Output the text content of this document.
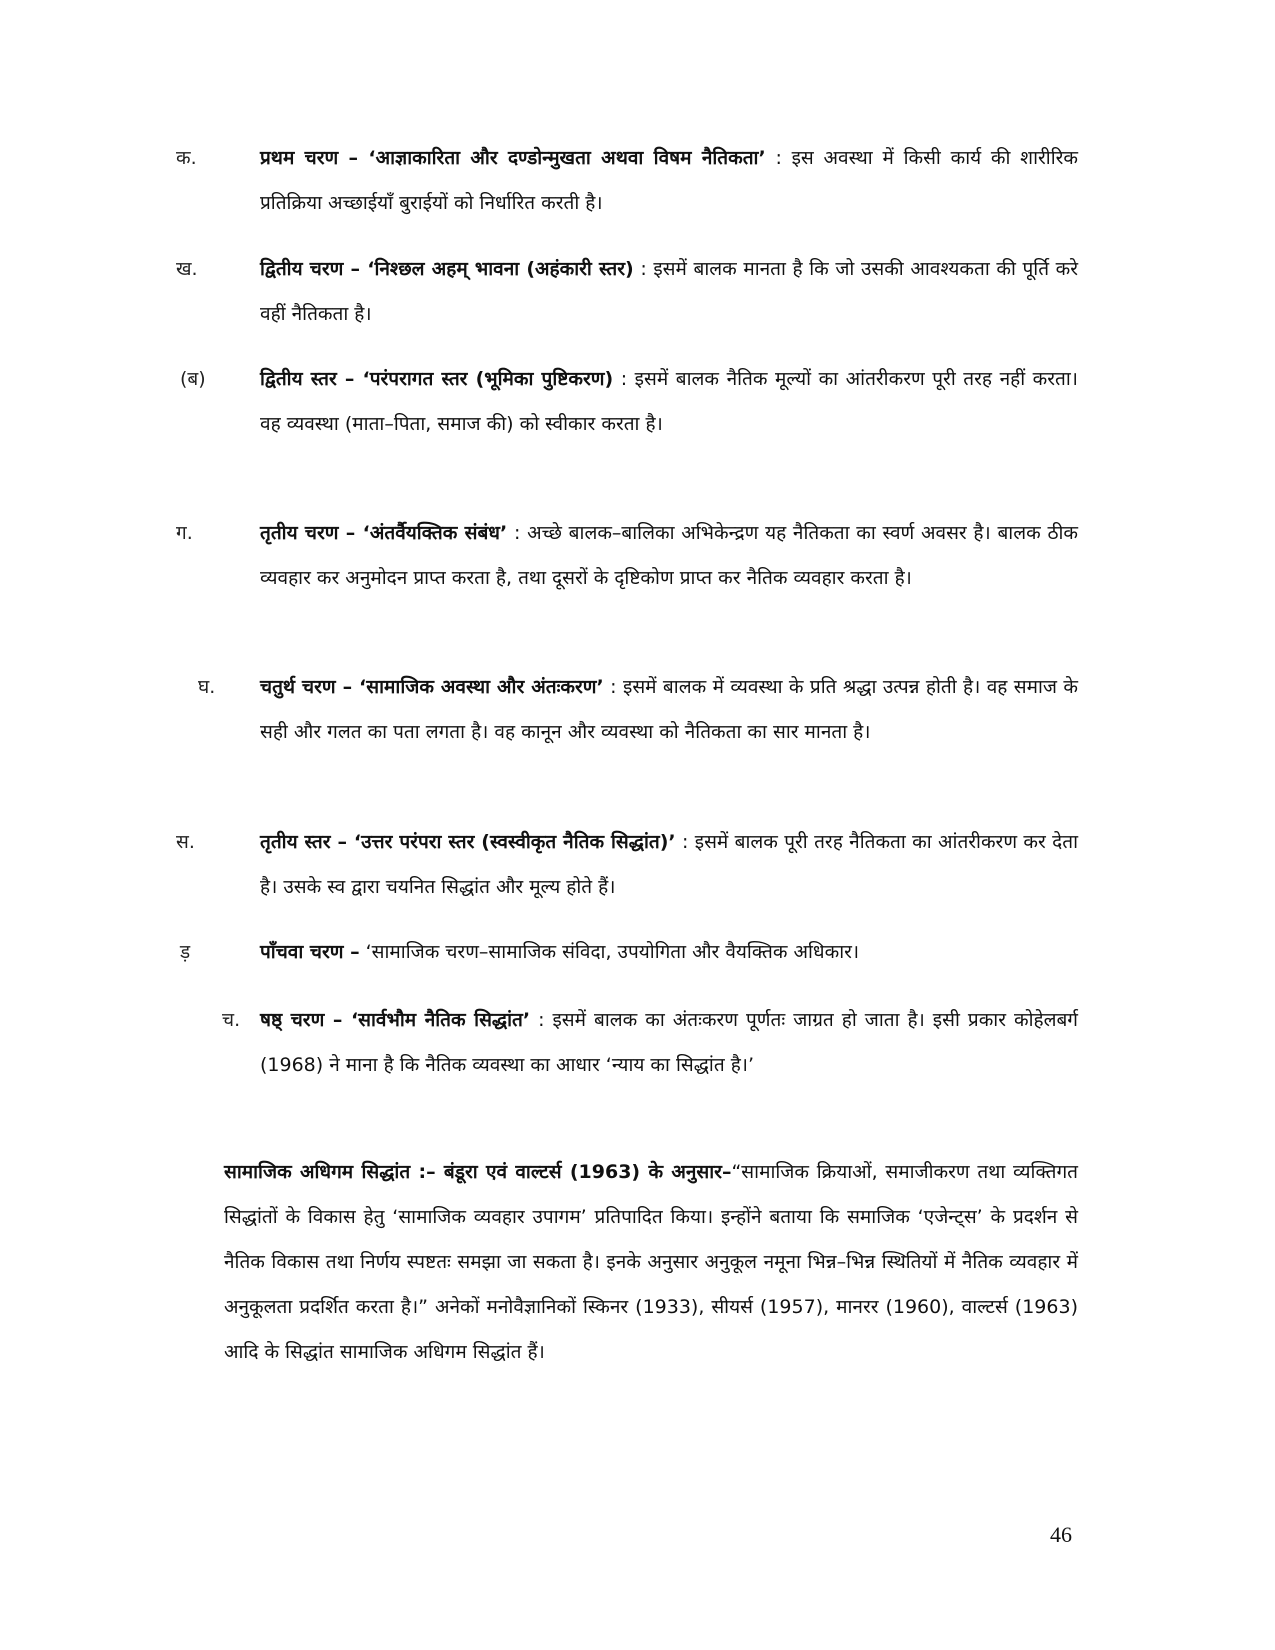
क.	प्रथम चरण – ‘आज्ञाकारिता और दण्डोन्मुखता अथवा विषम नैतिकता’ : इस अवस्था में किसी कार्य की शारीरिक प्रतिक्रिया अच्छाईयाँ बुराईयों को निर्धारित करती है।
ख.	द्वितीय चरण – ‘निश्छल अहम् भावना (अहंकारी स्तर) : इसमें बालक मानता है कि जो उसकी आवश्यकता की पूर्ति करे वहीं नैतिकता है।
(ब)	द्वितीय स्तर – ‘परंपरागत स्तर (भूमिका पुष्टिकरण) : इसमें बालक नैतिक मूल्यों का आंतरीकरण पूरी तरह नहीं करता। वह व्यवस्था (माता–पिता, समाज की) को स्वीकार करता है।
ग.	तृतीय चरण – ‘अंतर्वैयक्तिक संबंध’ : अच्छे बालक–बालिका अभिकेन्द्रण यह नैतिकता का स्वर्ण अवसर है। बालक ठीक व्यवहार कर अनुमोदन प्राप्त करता है, तथा दूसरों के दृष्टिकोण प्राप्त कर नैतिक व्यवहार करता है।
घ. चतुर्थ चरण – ‘सामाजिक अवस्था और अंतःकरण’ : इसमें बालक में व्यवस्था के प्रति श्रद्धा उत्पन्न होती है। वह समाज के सही और गलत का पता लगता है। वह कानून और व्यवस्था को नैतिकता का सार मानता है।
स.	तृतीय स्तर – ‘उत्तर परंपरा स्तर (स्वस्वीकृत नैतिक सिद्धांत)’ : इसमें बालक पूरी तरह नैतिकता का आंतरीकरण कर देता है। उसके स्व द्वारा चयनित सिद्धांत और मूल्य होते हैं।
ड़	पाँचवा चरण – ‘सामाजिक चरण–सामाजिक संविदा, उपयोगिता और वैयक्तिक अधिकार।
च. षष्ठ् चरण – ‘सार्वभौम नैतिक सिद्धांत’ : इसमें बालक का अंतःकरण पूर्णतः जाग्रत हो जाता है। इसी प्रकार कोहेलबर्ग (1968) ने माना है कि नैतिक व्यवस्था का आधार ‘न्याय का सिद्धांत है।’
सामाजिक अधिगम सिद्धांत :– बंडूरा एवं वाल्टर्स (1963) के अनुसार–“सामाजिक क्रियाओं, समाजीकरण तथा व्यक्तिगत सिद्धांतों के विकास हेतु ‘सामाजिक व्यवहार उपागम’ प्रतिपादित किया। इन्होंने बताया कि समाजिक ‘एजेन्ट्स’ के प्रदर्शन से नैतिक विकास तथा निर्णय स्पष्टतः समझा जा सकता है। इनके अनुसार अनुकूल नमूना भिन्न–भिन्न स्थितियों में नैतिक व्यवहार में अनुकूलता प्रदर्शित करता है।” अनेकों मनोवैज्ञानिकों स्किनर (1933), सीयर्स (1957), मानरर (1960), वाल्टर्स (1963) आदि के सिद्धांत सामाजिक अधिगम सिद्धांत हैं।
46
